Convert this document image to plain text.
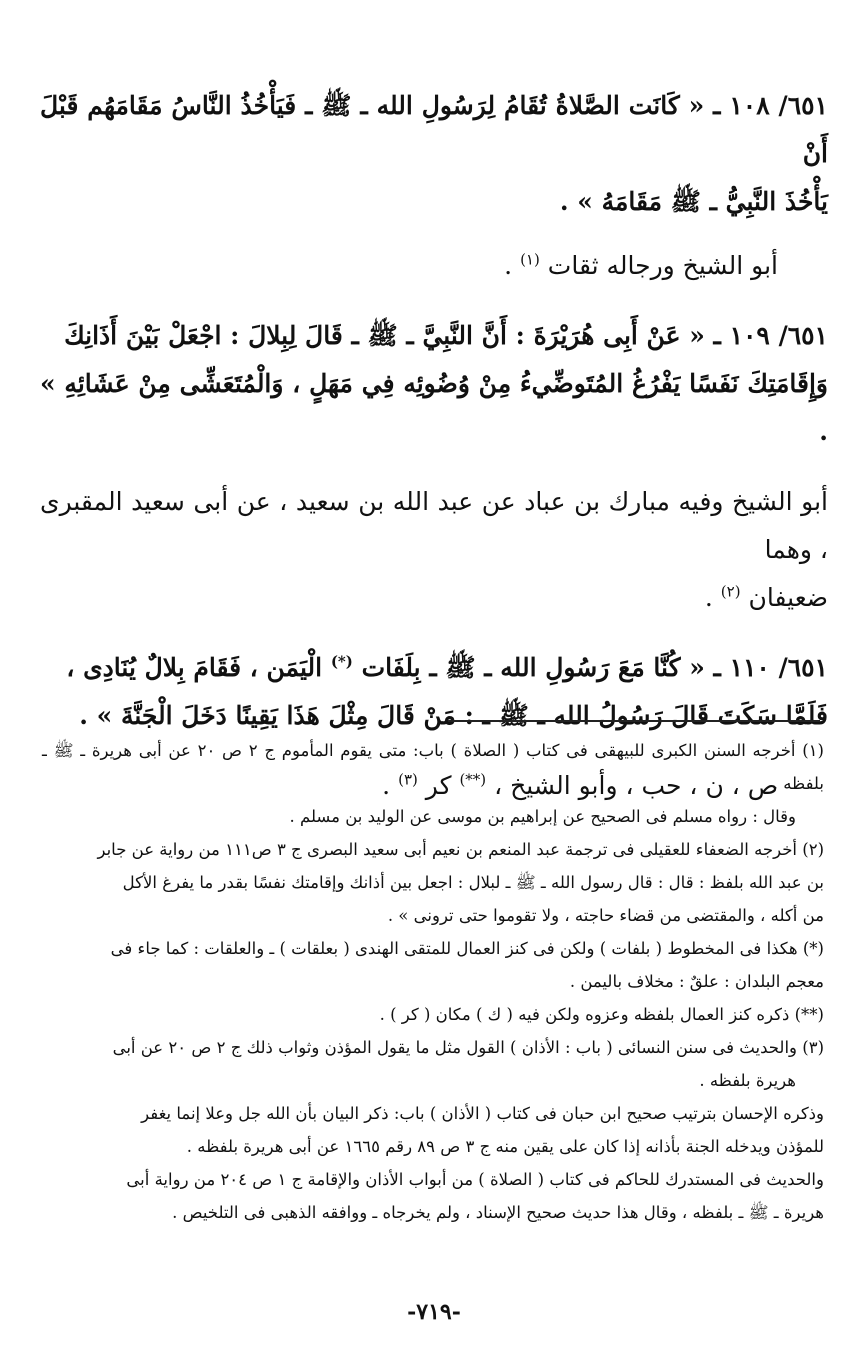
٦٥١/ ١٠٨ ـ « كَانَت الصَّلاةُ تُقَامُ لِرَسُولِ الله ـ ﷺ ـ فَيَأْخُذُ النَّاسُ مَقَامَهُم قَبْلَ أَنْ
يَأْخُذَ النَّبِيُّ ـ ﷺ مَقَامَهُ » .

أبو الشيخ ورجاله ثقات $^{(١)}$ .

٦٥١/ ١٠٩ ـ « عَنْ أَبِى هُرَيْرَةَ : أَنَّ النَّبِيَّ ـ ﷺ ـ قَالَ لِبِلالَ : اجْعَلْ بَيْنَ أَذَانِكَ
وَإِقَامَتِكَ نَفَسًا يَفْرُغُ المُتَوضِّيءُ مِنْ وُضُوئِه فِي مَهَلٍ ، وَالْمُتَعَشِّى مِنْ عَشَائِهِ » .

أبو الشيخ وفيه مبارك بن عباد عن عبد الله بن سعيد ، عن أبى سعيد المقبرى ، وهما
ضعيفان $^{(٢)}$ .

٦٥١/ ١١٠ ـ « كُنَّا مَعَ رَسُولِ الله ـ ﷺ ـ بِلَفَات (*) الْيَمَن ، فَقَامَ بِلالٌ يُنَادِى ،
فَلَمَّا سَكَتَ قَالَ رَسُولُ الله ـ ﷺ ـ : مَنْ قَالَ مِثْلَ هَذَا يَقِينًا دَخَلَ الْجَنَّةَ » .

ص ، ن ، حب ، وأبو الشيخ ، (**) كر $^{(٣)}$ .

(١) أخرجه السنن الكبرى للبيهقى فى كتاب ( الصلاة ) باب: متى يقوم المأموم ج ٢ ص ٢٠ عن أبى هريرة ـ ﷺ ـ بلفظه .
وقال : رواه مسلم فى الصحيح عن إبراهيم بن موسى عن الوليد بن مسلم .

(٢) أخرجه الضعفاء للعقيلى فى ترجمة عبد المنعم بن نعيم أبى سعيد البصرى ج ٣ ص١١١ من رواية عن جابر
بن عبد الله بلفظ : قال : قال رسول الله ـ ﷺ ـ لبلال : اجعل بين أذانك وإقامتك نفسًا بقدر ما يفرغ الأكل
من أكله ، والمقتضى من قضاء حاجته ، ولا تقوموا حتى ترونى » .

(*) هكذا فى المخطوط ( بلفات ) ولكن فى كنز العمال للمتقى الهندى ( بعلقات ) ـ والعلقات : كما جاء فى
معجم البلدان : علقٌ : مخلاف باليمن .

(**) ذكره كنز العمال بلفظه وعزوه ولكن فيه ( ك ) مكان ( كر ) .

(٣) والحديث فى سنن النسائى ( باب : الأذان ) القول مثل ما يقول المؤذن وثواب ذلك ج ٢ ص ٢٠ عن أبى
هريرة بلفظه .
وذكره الإحسان بترتيب صحيح ابن حبان فى كتاب ( الأذان ) باب: ذكر البيان بأن الله جل وعلا إنما يغفر
للمؤذن ويدخله الجنة بأذانه إذا كان على يقين منه ج ٣ ص ٨٩ رقم ١٦٦٥ عن أبى هريرة بلفظه .
والحديث فى المستدرك للحاكم فى كتاب ( الصلاة ) من أبواب الأذان والإقامة ج ١ ص ٢٠٤ من رواية أبى
هريرة ـ ﷺ ـ بلفظه ، وقال هذا حديث صحيح الإسناد ، ولم يخرجاه ـ ووافقه الذهبى فى التلخيص .

-٧١٩-
